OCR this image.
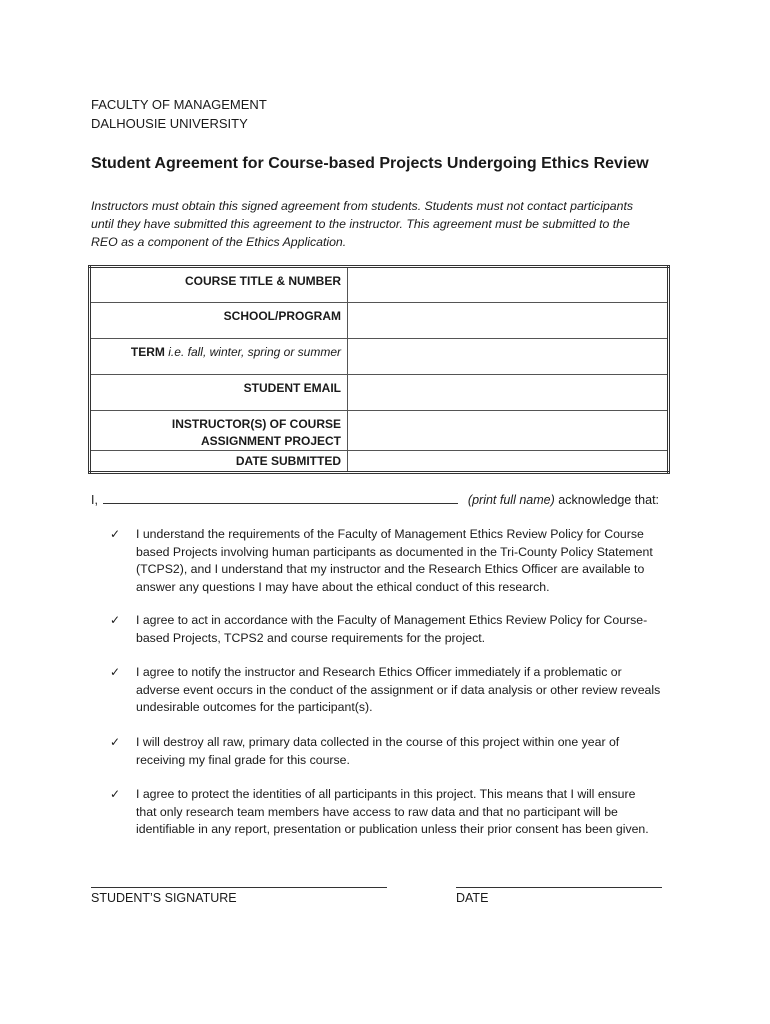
FACULTY OF MANAGEMENT
DALHOUSIE UNIVERSITY
Student Agreement for Course-based Projects Undergoing Ethics Review

Instructors must obtain this signed agreement from students. Students must not contact participants
until they have submitted this agreement to the instructor. This agreement must be submitted to the
REO as a component of the Ethics Application.

COURSE TITLE & NUMBER	
SCHOOL/PROGRAM	
TERM i.e. fall, winter, spring or summer	
STUDENT EMAIL	
INSTRUCTOR(S) OF COURSE
ASSIGNMENT PROJECT	
DATE SUBMITTED	
I,	(print full name) acknowledge that:
✓ I understand the requirements of the Faculty of Management Ethics Review Policy for Course
based Projects involving human participants as documented in the Tri-County Policy Statement
(TCPS2), and I understand that my instructor and the Research Ethics Officer are available to
answer any questions I may have about the ethical conduct of this research.
✓ I agree to act in accordance with the Faculty of Management Ethics Review Policy for Course-
based Projects, TCPS2 and course requirements for the project.
✓ I agree to notify the instructor and Research Ethics Officer immediately if a problematic or
adverse event occurs in the conduct of the assignment or if data analysis or other review reveals
undesirable outcomes for the participant(s).
✓ I will destroy all raw, primary data collected in the course of this project within one year of
receiving my final grade for this course.
✓ I agree to protect the identities of all participants in this project. This means that I will ensure
that only research team members have access to raw data and that no participant will be
identifiable in any report, presentation or publication unless their prior consent has been given.
STUDENT’S SIGNATURE	DATE
